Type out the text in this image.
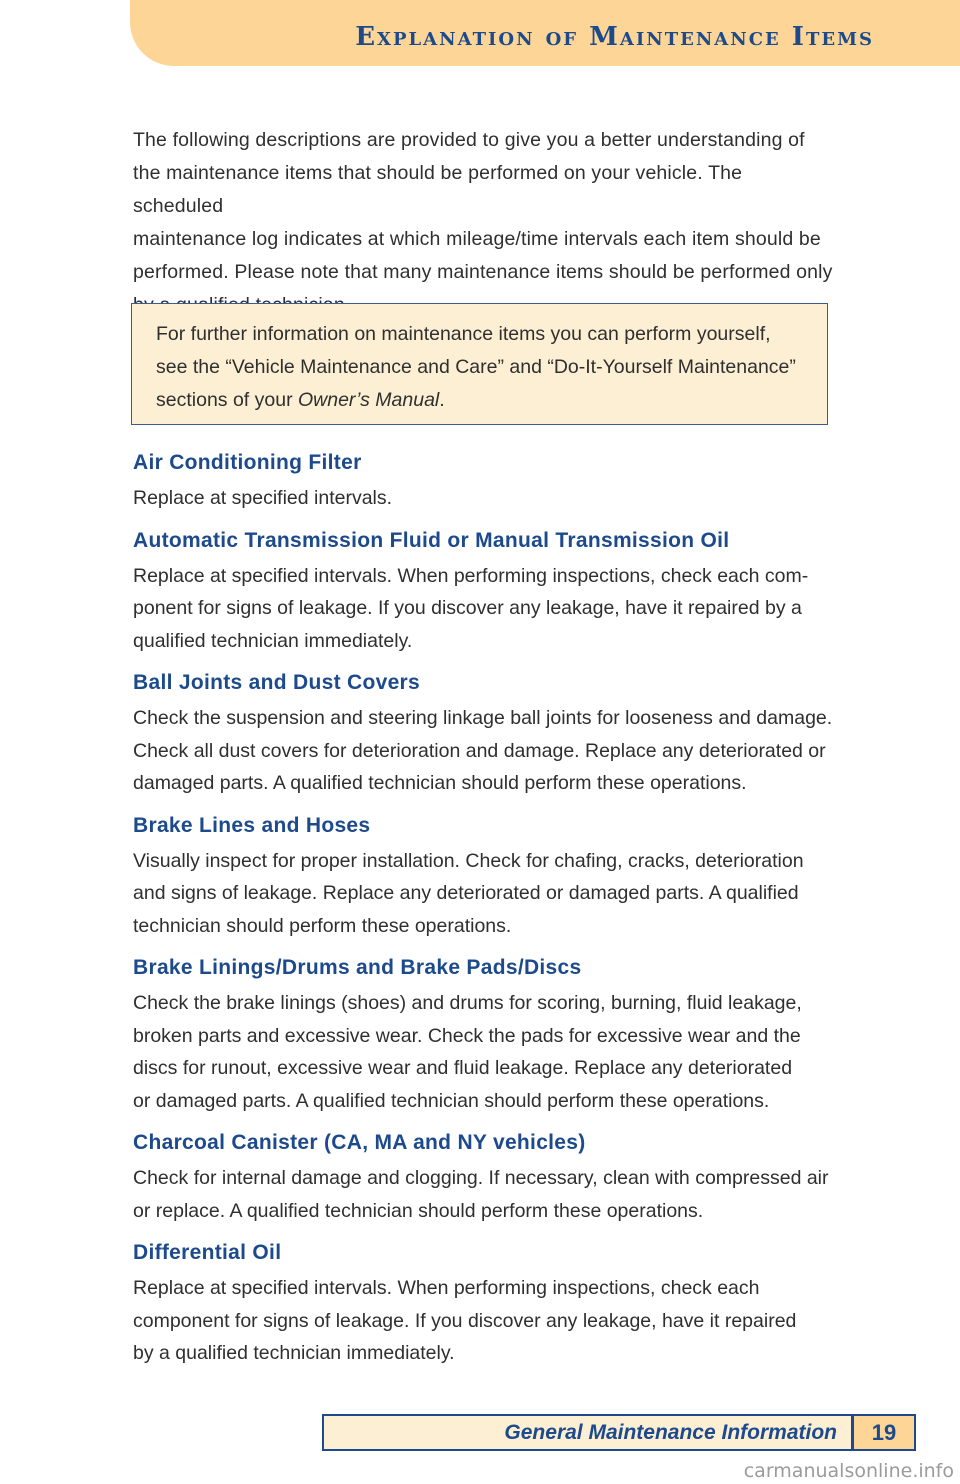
Explanation of Maintenance Items

The following descriptions are provided to give you a better understanding of

the maintenance items that should be performed on your vehicle. The scheduled

maintenance log indicates at which mileage/time intervals each item should be

performed. Please note that many maintenance items should be performed only

For further information on maintenance items you can perform yourself,

see the “Vehicle Maintenance and Care” and “Do-It-Yourself Maintenance”

sections of your Owner’s Manual.

Air Conditioning Filter

Replace at specified intervals.

Automatic Transmission Fluid or Manual Transmission Oil

Replace at specified intervals. When performing inspections, check each com-
ponent for signs of leakage. If you discover any leakage, have it repaired by a
qualified technician immediately.

Ball Joints and Dust Covers

Check the suspension and steering linkage ball joints for looseness and damage.
Check all dust covers for deterioration and damage. Replace any deteriorated or
damaged parts. A qualified technician should perform these operations.

Brake Lines and Hoses

Visually inspect for proper installation. Check for chafing, cracks, deterioration
and signs of leakage. Replace any deteriorated or damaged parts. A qualified
technician should perform these operations.

Brake Linings/Drums and Brake Pads/Discs

Check the brake linings (shoes) and drums for scoring, burning, fluid leakage,
broken parts and excessive wear. Check the pads for excessive wear and the
discs for runout, excessive wear and fluid leakage. Replace any deteriorated
or damaged parts. A qualified technician should perform these operations.

Charcoal Canister (CA, MA and NY vehicles)

Check for internal damage and clogging. If necessary, clean with compressed air
or replace. A qualified technician should perform these operations.

Differential Oil

Replace at specified intervals. When performing inspections, check each
component for signs of leakage. If you discover any leakage, have it repaired
by a qualified technician immediately.

General Maintenance Information	19
carmanualsonline.info
